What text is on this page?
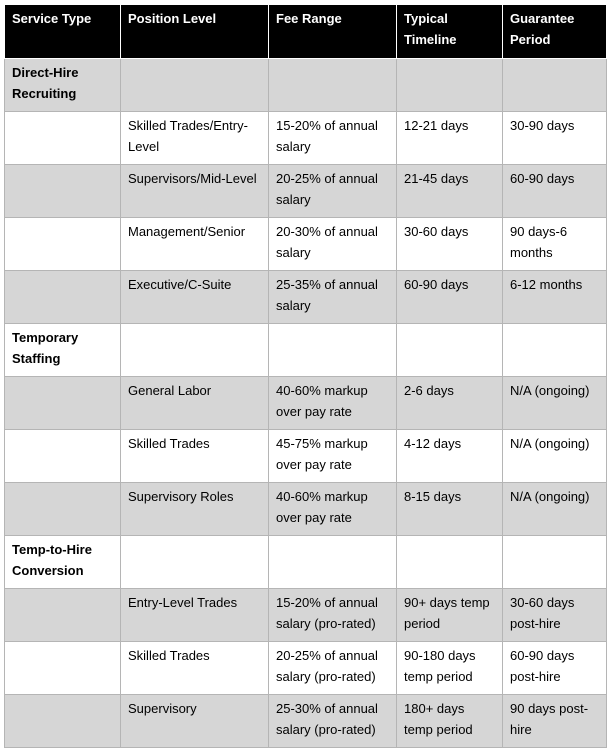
Service Type	Position Level	Fee Range	Typical Timeline	Guarantee Period
Direct-Hire Recruiting				
	Skilled Trades/Entry-Level	15-20% of annual salary	12-21 days	30-90 days
	Supervisors/Mid-Level	20-25% of annual salary	21-45 days	60-90 days
	Management/Senior	20-30% of annual salary	30-60 days	90 days-6 months
	Executive/C-Suite	25-35% of annual salary	60-90 days	6-12 months
Temporary Staffing				
	General Labor	40-60% markup over pay rate	2-6 days	N/A (ongoing)
	Skilled Trades	45-75% markup over pay rate	4-12 days	N/A (ongoing)
	Supervisory Roles	40-60% markup over pay rate	8-15 days	N/A (ongoing)
Temp-to-Hire Conversion				
	Entry-Level Trades	15-20% of annual salary (pro-rated)	90+ days temp period	30-60 days post-hire
	Skilled Trades	20-25% of annual salary (pro-rated)	90-180 days temp period	60-90 days post-hire
	Supervisory	25-30% of annual salary (pro-rated)	180+ days temp period	90 days post-hire
